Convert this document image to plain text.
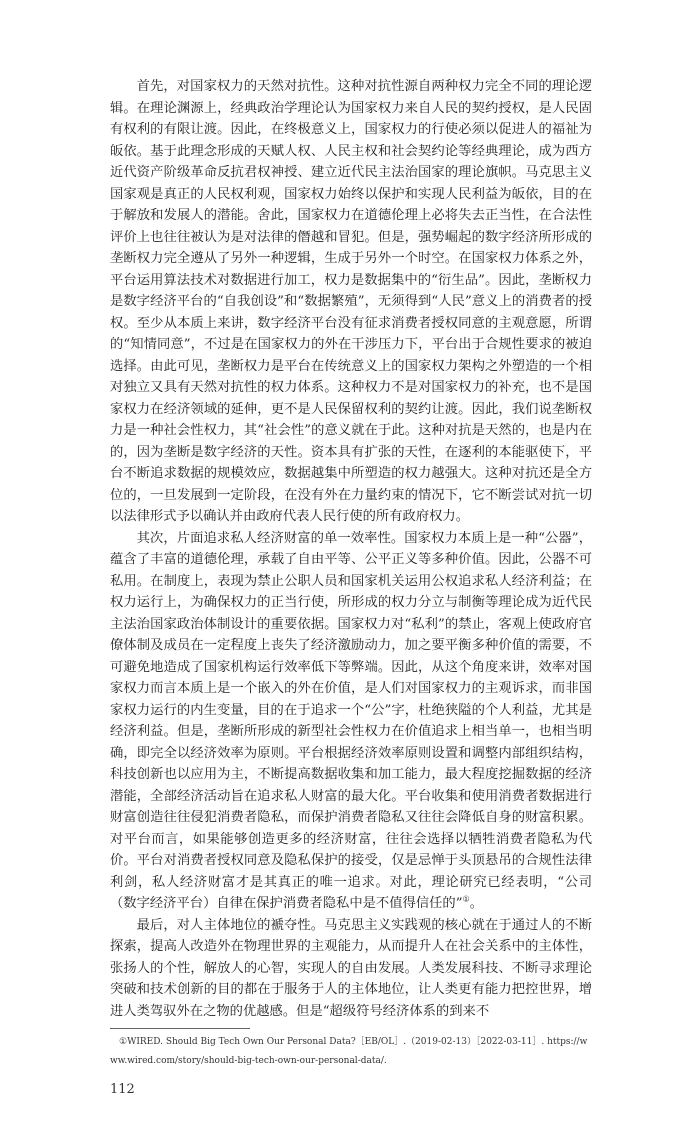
首先，对国家权力的天然对抗性。这种对抗性源自两种权力完全不同的理论逻辑。在理论渊源上，经典政治学理论认为国家权力来自人民的契约授权，是人民固有权利的有限让渡。因此，在终极意义上，国家权力的行使必须以促进人的福祉为皈依。基于此理念形成的天赋人权、人民主权和社会契约论等经典理论，成为西方近代资产阶级革命反抗君权神授、建立近代民主法治国家的理论旗帜。马克思主义国家观是真正的人民权利观，国家权力始终以保护和实现人民利益为皈依，目的在于解放和发展人的潜能。舍此，国家权力在道德伦理上必将失去正当性，在合法性评价上也往往被认为是对法律的僭越和冒犯。但是，强势崛起的数字经济所形成的垄断权力完全遵从了另外一种逻辑，生成于另外一个时空。在国家权力体系之外，平台运用算法技术对数据进行加工，权力是数据集中的“衍生品”。因此，垄断权力是数字经济平台的“自我创设”和“数据繁殖”，无须得到“人民”意义上的消费者的授权。至少从本质上来讲，数字经济平台没有征求消费者授权同意的主观意愿，所谓的“知情同意”，不过是在国家权力的外在干涉压力下，平台出于合规性要求的被迫选择。由此可见，垄断权力是平台在传统意义上的国家权力架构之外塑造的一个相对独立又具有天然对抗性的权力体系。这种权力不是对国家权力的补充，也不是国家权力在经济领域的延伸，更不是人民保留权利的契约让渡。因此，我们说垄断权力是一种社会性权力，其“社会性”的意义就在于此。这种对抗是天然的，也是内在的，因为垄断是数字经济的天性。资本具有扩张的天性，在逐利的本能驱使下，平台不断追求数据的规模效应，数据越集中所塑造的权力越强大。这种对抗还是全方位的，一旦发展到一定阶段，在没有外在力量约束的情况下，它不断尝试对抗一切以法律形式予以确认并由政府代表人民行使的所有政府权力。

其次，片面追求私人经济财富的单一效率性。国家权力本质上是一种“公器”，蕴含了丰富的道德伦理，承载了自由平等、公平正义等多种价值。因此，公器不可私用。在制度上，表现为禁止公职人员和国家机关运用公权追求私人经济利益；在权力运行上，为确保权力的正当行使，所形成的权力分立与制衡等理论成为近代民主法治国家政治体制设计的重要依据。国家权力对“私利”的禁止，客观上使政府官僚体制及成员在一定程度上丧失了经济激励动力，加之要平衡多种价值的需要，不可避免地造成了国家机构运行效率低下等弊端。因此，从这个角度来讲，效率对国家权力而言本质上是一个嵌入的外在价值，是人们对国家权力的主观诉求，而非国家权力运行的内生变量，目的在于追求一个“公”字，杜绝狭隘的个人利益，尤其是经济利益。但是，垄断所形成的新型社会性权力在价值追求上相当单一，也相当明确，即完全以经济效率为原则。平台根据经济效率原则设置和调整内部组织结构，科技创新也以应用为主，不断提高数据收集和加工能力，最大程度挖掘数据的经济潜能，全部经济活动旨在追求私人财富的最大化。平台收集和使用消费者数据进行财富创造往往侵犯消费者隐私，而保护消费者隐私又往往会降低自身的财富积累。对平台而言，如果能够创造更多的经济财富，往往会选择以牺牲消费者隐私为代价。平台对消费者授权同意及隐私保护的接受，仅是忌惮于头顶悬吊的合规性法律利剑，私人经济财富才是其真正的唯一追求。对此，理论研究已经表明，“公司（数字经济平台）自律在保护消费者隐私中是不值得信任的”①。

最后，对人主体地位的褫夺性。马克思主义实践观的核心就在于通过人的不断探索，提高人改造外在物理世界的主观能力，从而提升人在社会关系中的主体性，张扬人的个性，解放人的心智，实现人的自由发展。人类发展科技、不断寻求理论突破和技术创新的目的都在于服务于人的主体地位，让人类更有能力把控世界，增进人类驾驭外在之物的优越感。但是“超级符号经济体系的到来不

①WIRED. Should Big Tech Own Our Personal Data?［EB/OL］.（2019-02-13）［2022-03-11］. https://www.wired.com/story/should-big-tech-own-our-personal-data/.
112
